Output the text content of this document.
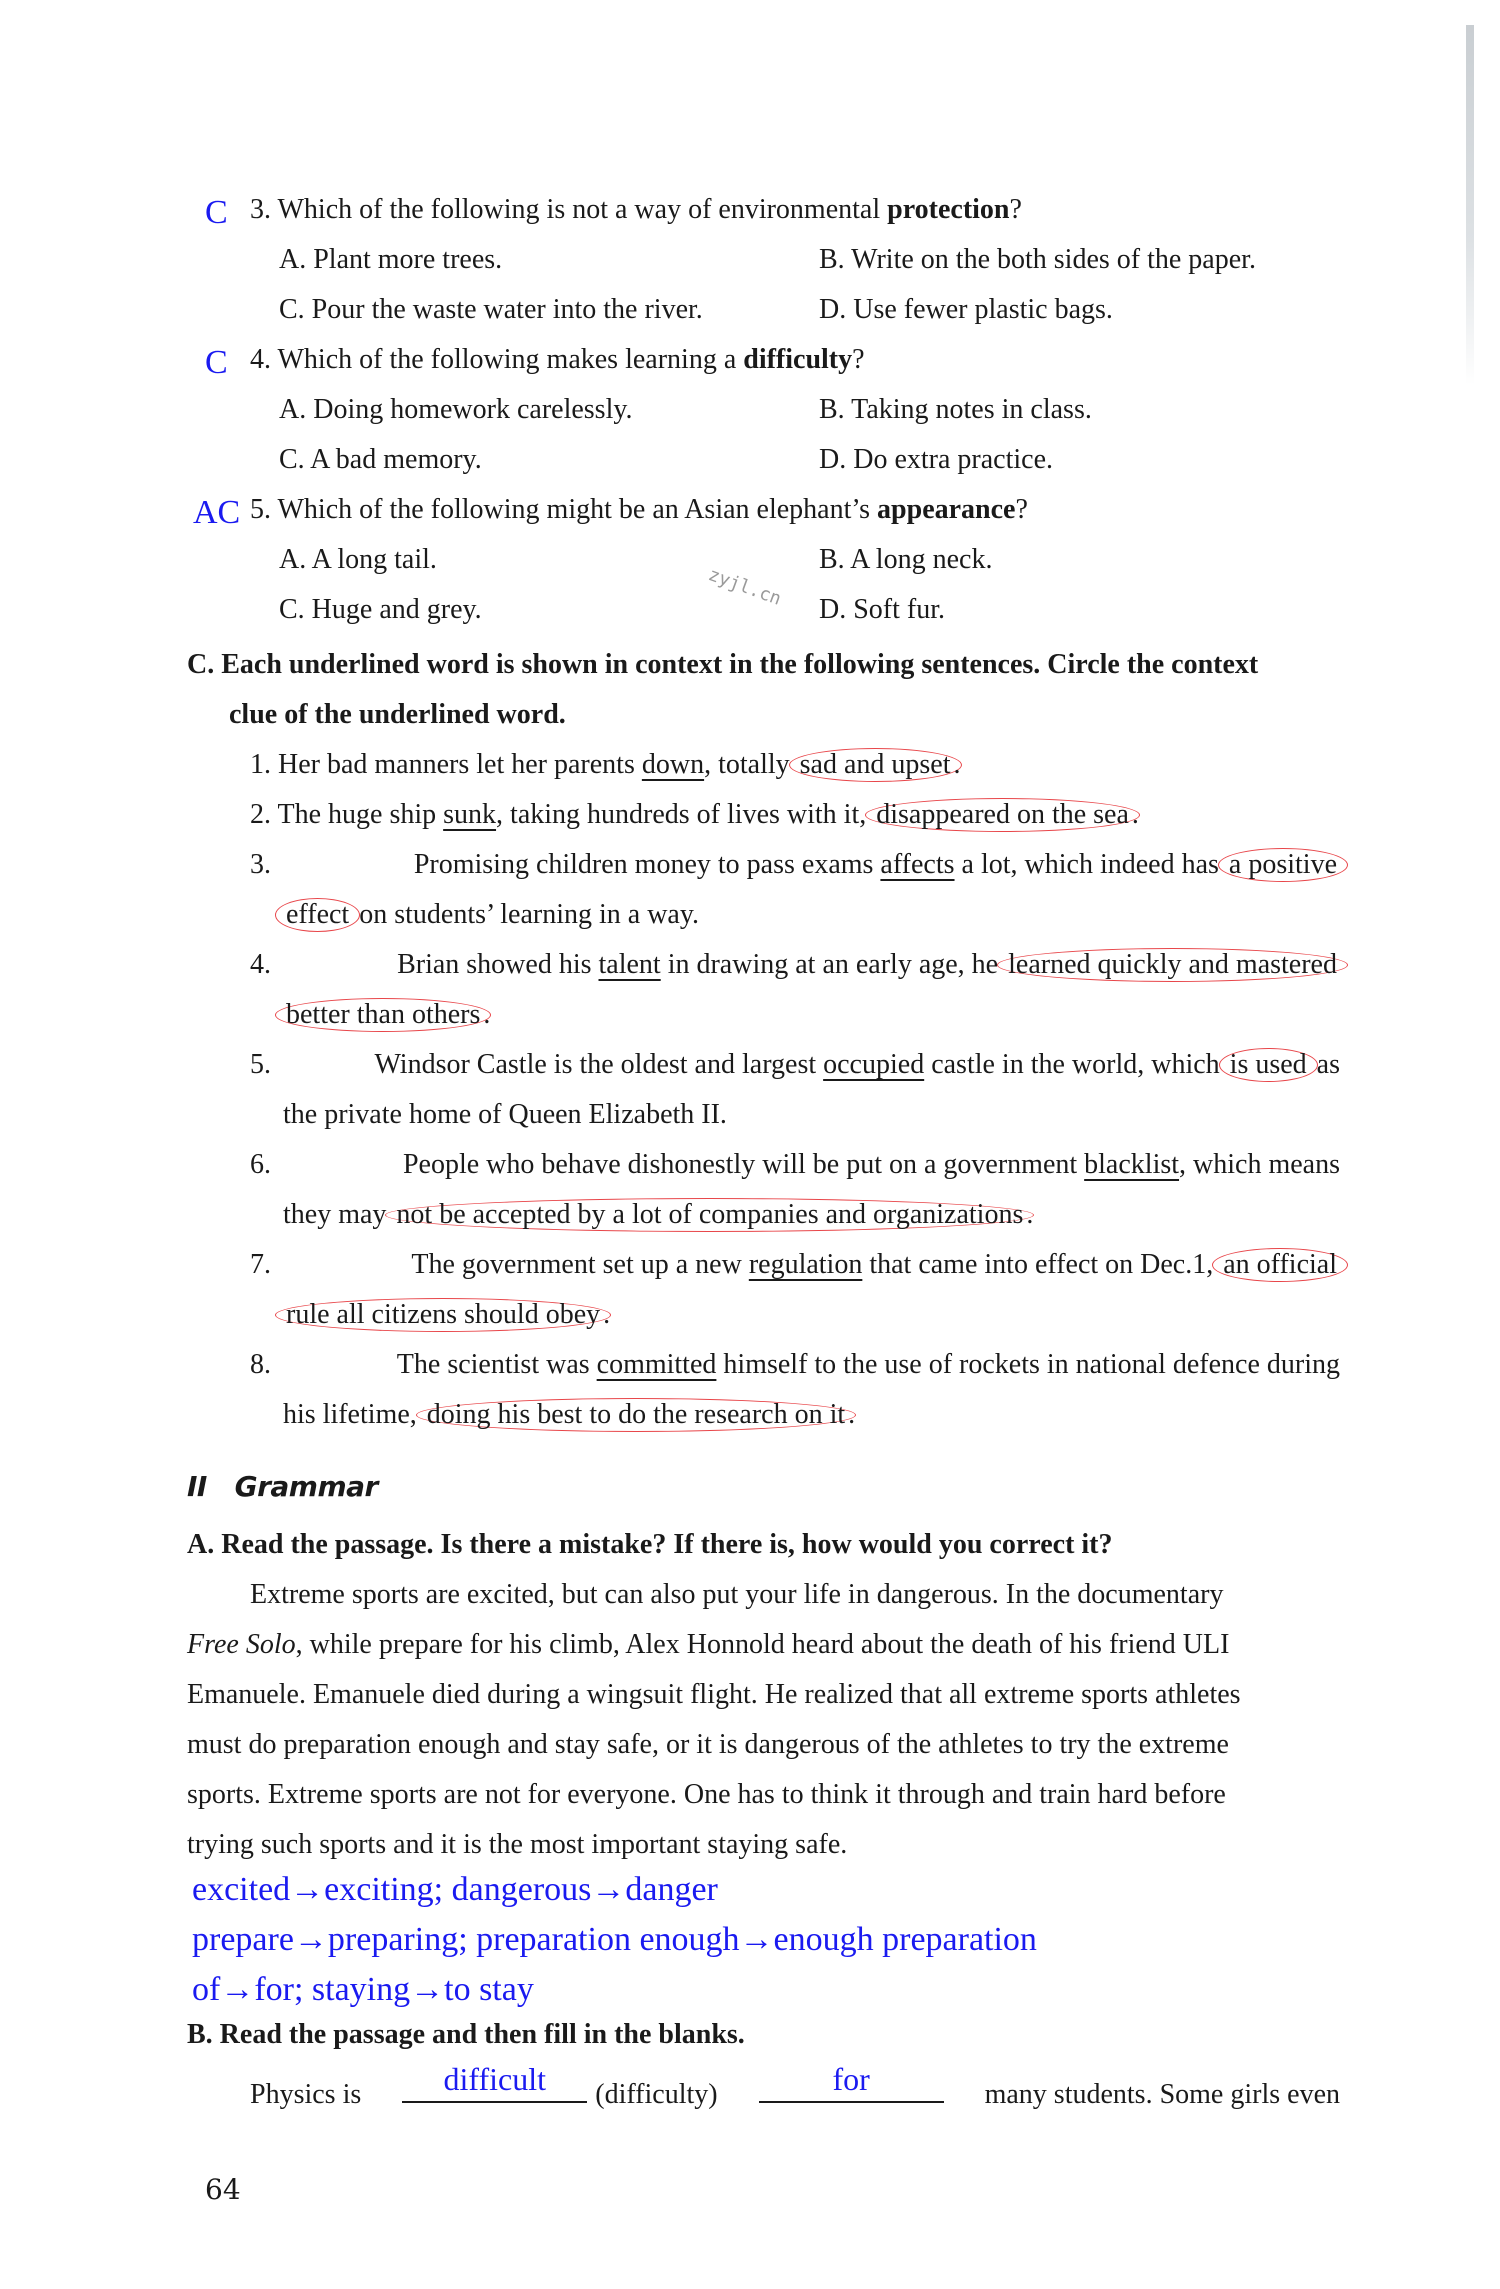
C 3. Which of the following is not a way of environmental protection?
A. Plant more trees.	B. Write on the both sides of the paper.
C. Pour the waste water into the river.	D. Use fewer plastic bags.
C 4. Which of the following makes learning a difficulty?
A. Doing homework carelessly.	B. Taking notes in class.
C. A bad memory.	D. Do extra practice.
AC 5. Which of the following might be an Asian elephant’s appearance?
A. A long tail.	B. A long neck.
C. Huge and grey.	D. Soft fur.
zyjl.cn
C. Each underlined word is shown in context in the following sentences. Circle the context
clue of the underlined word.
1. Her bad manners let her parents down, totally sad and upset .
2. The huge ship sunk, taking hundreds of lives with it, disappeared on the sea .
3.	Promising children money to pass exams affects a lot, which indeed has a positive
effect on students’ learning in a way.
4.	Brian showed his talent in drawing at an early age, he learned quickly and mastered
better than others .
5.	Windsor Castle is the oldest and largest occupied castle in the world, which is used as
the private home of Queen Elizabeth II.
6.	People who behave dishonestly will be put on a government blacklist, which means
they may not be accepted by a lot of companies and organizations .
7.	The government set up a new regulation that came into effect on Dec.1, an official
rule all citizens should obey .
8.	The scientist was committed himself to the use of rockets in national defence during
his lifetime, doing his best to do the research on it .
II Grammar
A. Read the passage. Is there a mistake? If there is, how would you correct it?
Extreme sports are excited, but can also put your life in dangerous. In the documentary
Free Solo, while prepare for his climb, Alex Honnold heard about the death of his friend ULI
Emanuele. Emanuele died during a wingsuit flight. He realized that all extreme sports athletes
must do preparation enough and stay safe, or it is dangerous of the athletes to try the extreme
sports. Extreme sports are not for everyone. One has to think it through and train hard before
trying such sports and it is the most important staying safe.
excited→exciting; dangerous→danger
prepare→preparing; preparation enough→enough preparation
of→for; staying→to stay
B. Read the passage and then fill in the blanks.
Physics is	difficult	(difficulty)	for	many students. Some girls even
64
